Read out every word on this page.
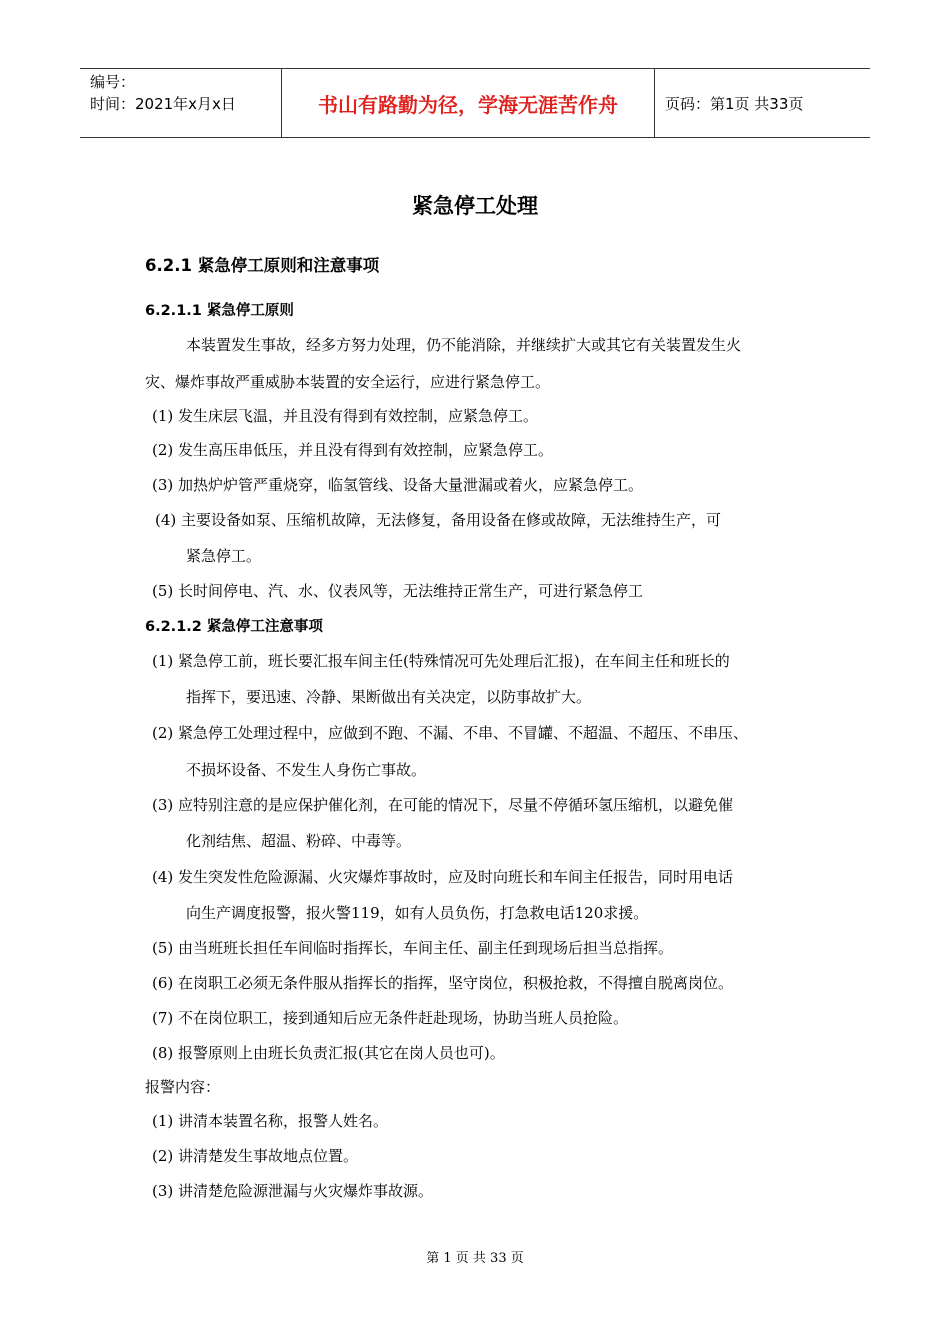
编号：
时间：2021年x月x日	书山有路勤为径，学海无涯苦作舟	页码：第1页 共33页
紧急停工处理
6.2.1 紧急停工原则和注意事项
6.2.1.1 紧急停工原则
本装置发生事故，经多方努力处理，仍不能消除，并继续扩大或其它有关装置发生火
灾、爆炸事故严重威胁本装置的安全运行，应进行紧急停工。
(1) 发生床层飞温，并且没有得到有效控制，应紧急停工。
(2) 发生高压串低压，并且没有得到有效控制，应紧急停工。
(3) 加热炉炉管严重烧穿，临氢管线、设备大量泄漏或着火，应紧急停工。
(4) 主要设备如泵、压缩机故障，无法修复，备用设备在修或故障，无法维持生产，可
紧急停工。
(5) 长时间停电、汽、水、仪表风等，无法维持正常生产，可进行紧急停工
6.2.1.2 紧急停工注意事项
(1) 紧急停工前，班长要汇报车间主任(特殊情况可先处理后汇报)，在车间主任和班长的
指挥下，要迅速、冷静、果断做出有关决定，以防事故扩大。
(2) 紧急停工处理过程中，应做到不跑、不漏、不串、不冒罐、不超温、不超压、不串压、
不损坏设备、不发生人身伤亡事故。
(3) 应特别注意的是应保护催化剂，在可能的情况下，尽量不停循环氢压缩机，以避免催
化剂结焦、超温、粉碎、中毒等。
(4) 发生突发性危险源漏、火灾爆炸事故时，应及时向班长和车间主任报告，同时用电话
向生产调度报警，报火警119，如有人员负伤，打急救电话120求援。
(5) 由当班班长担任车间临时指挥长，车间主任、副主任到现场后担当总指挥。
(6) 在岗职工必须无条件服从指挥长的指挥，坚守岗位，积极抢救，不得擅自脱离岗位。
(7) 不在岗位职工，接到通知后应无条件赶赴现场，协助当班人员抢险。
(8) 报警原则上由班长负责汇报(其它在岗人员也可)。
报警内容：
(1) 讲清本装置名称，报警人姓名。
(2) 讲清楚发生事故地点位置。
(3) 讲清楚危险源泄漏与火灾爆炸事故源。
第 1 页 共 33 页
